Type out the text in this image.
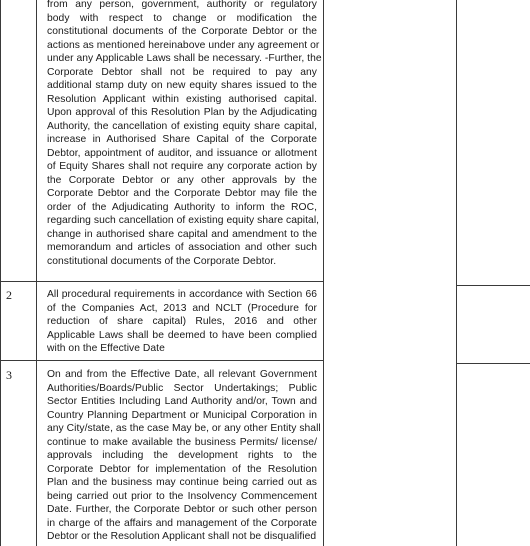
from any person, government, authority or regulatory
body with respect to change or modification the
constitutional documents of the Corporate Debtor or the
actions as mentioned hereinabove under any agreement or
under any Applicable Laws shall be necessary. -Further, the
Corporate Debtor shall not be required to pay any
additional stamp duty on new equity shares issued to the
Resolution Applicant within existing authorised capital.
Upon approval of this Resolution Plan by the Adjudicating
Authority, the cancellation of existing equity share capital,
increase in Authorised Share Capital of the Corporate
Debtor, appointment of auditor, and issuance or allotment
of Equity Shares shall not require any corporate action by
the Corporate Debtor or any other approvals by the
Corporate Debtor and the Corporate Debtor may file the
order of the Adjudicating Authority to inform the ROC,
regarding such cancellation of existing equity share capital,
change in authorised share capital and amendment to the
memorandum and articles of association and other such
constitutional documents of the Corporate Debtor.
2	All procedural requirements in accordance with Section 66
of the Companies Act, 2013 and NCLT (Procedure for
reduction of share capital) Rules, 2016 and other
Applicable Laws shall be deemed to have been complied
with on the Effective Date
3	On and from the Effective Date, all relevant Government
Authorities/Boards/Public Sector Undertakings; Public
Sector Entities Including Land Authority and/or, Town and
Country Planning Department or Municipal Corporation in
any City/state, as the case May be, or any other Entity shall
continue to make available the business Permits/ license/
approvals including the development rights to the
Corporate Debtor for implementation of the Resolution
Plan and the business may continue being carried out as
being carried out prior to the Insolvency Commencement
Date. Further, the Corporate Debtor or such other person
in charge of the affairs and management of the Corporate
Debtor or the Resolution Applicant shall not be disqualified
